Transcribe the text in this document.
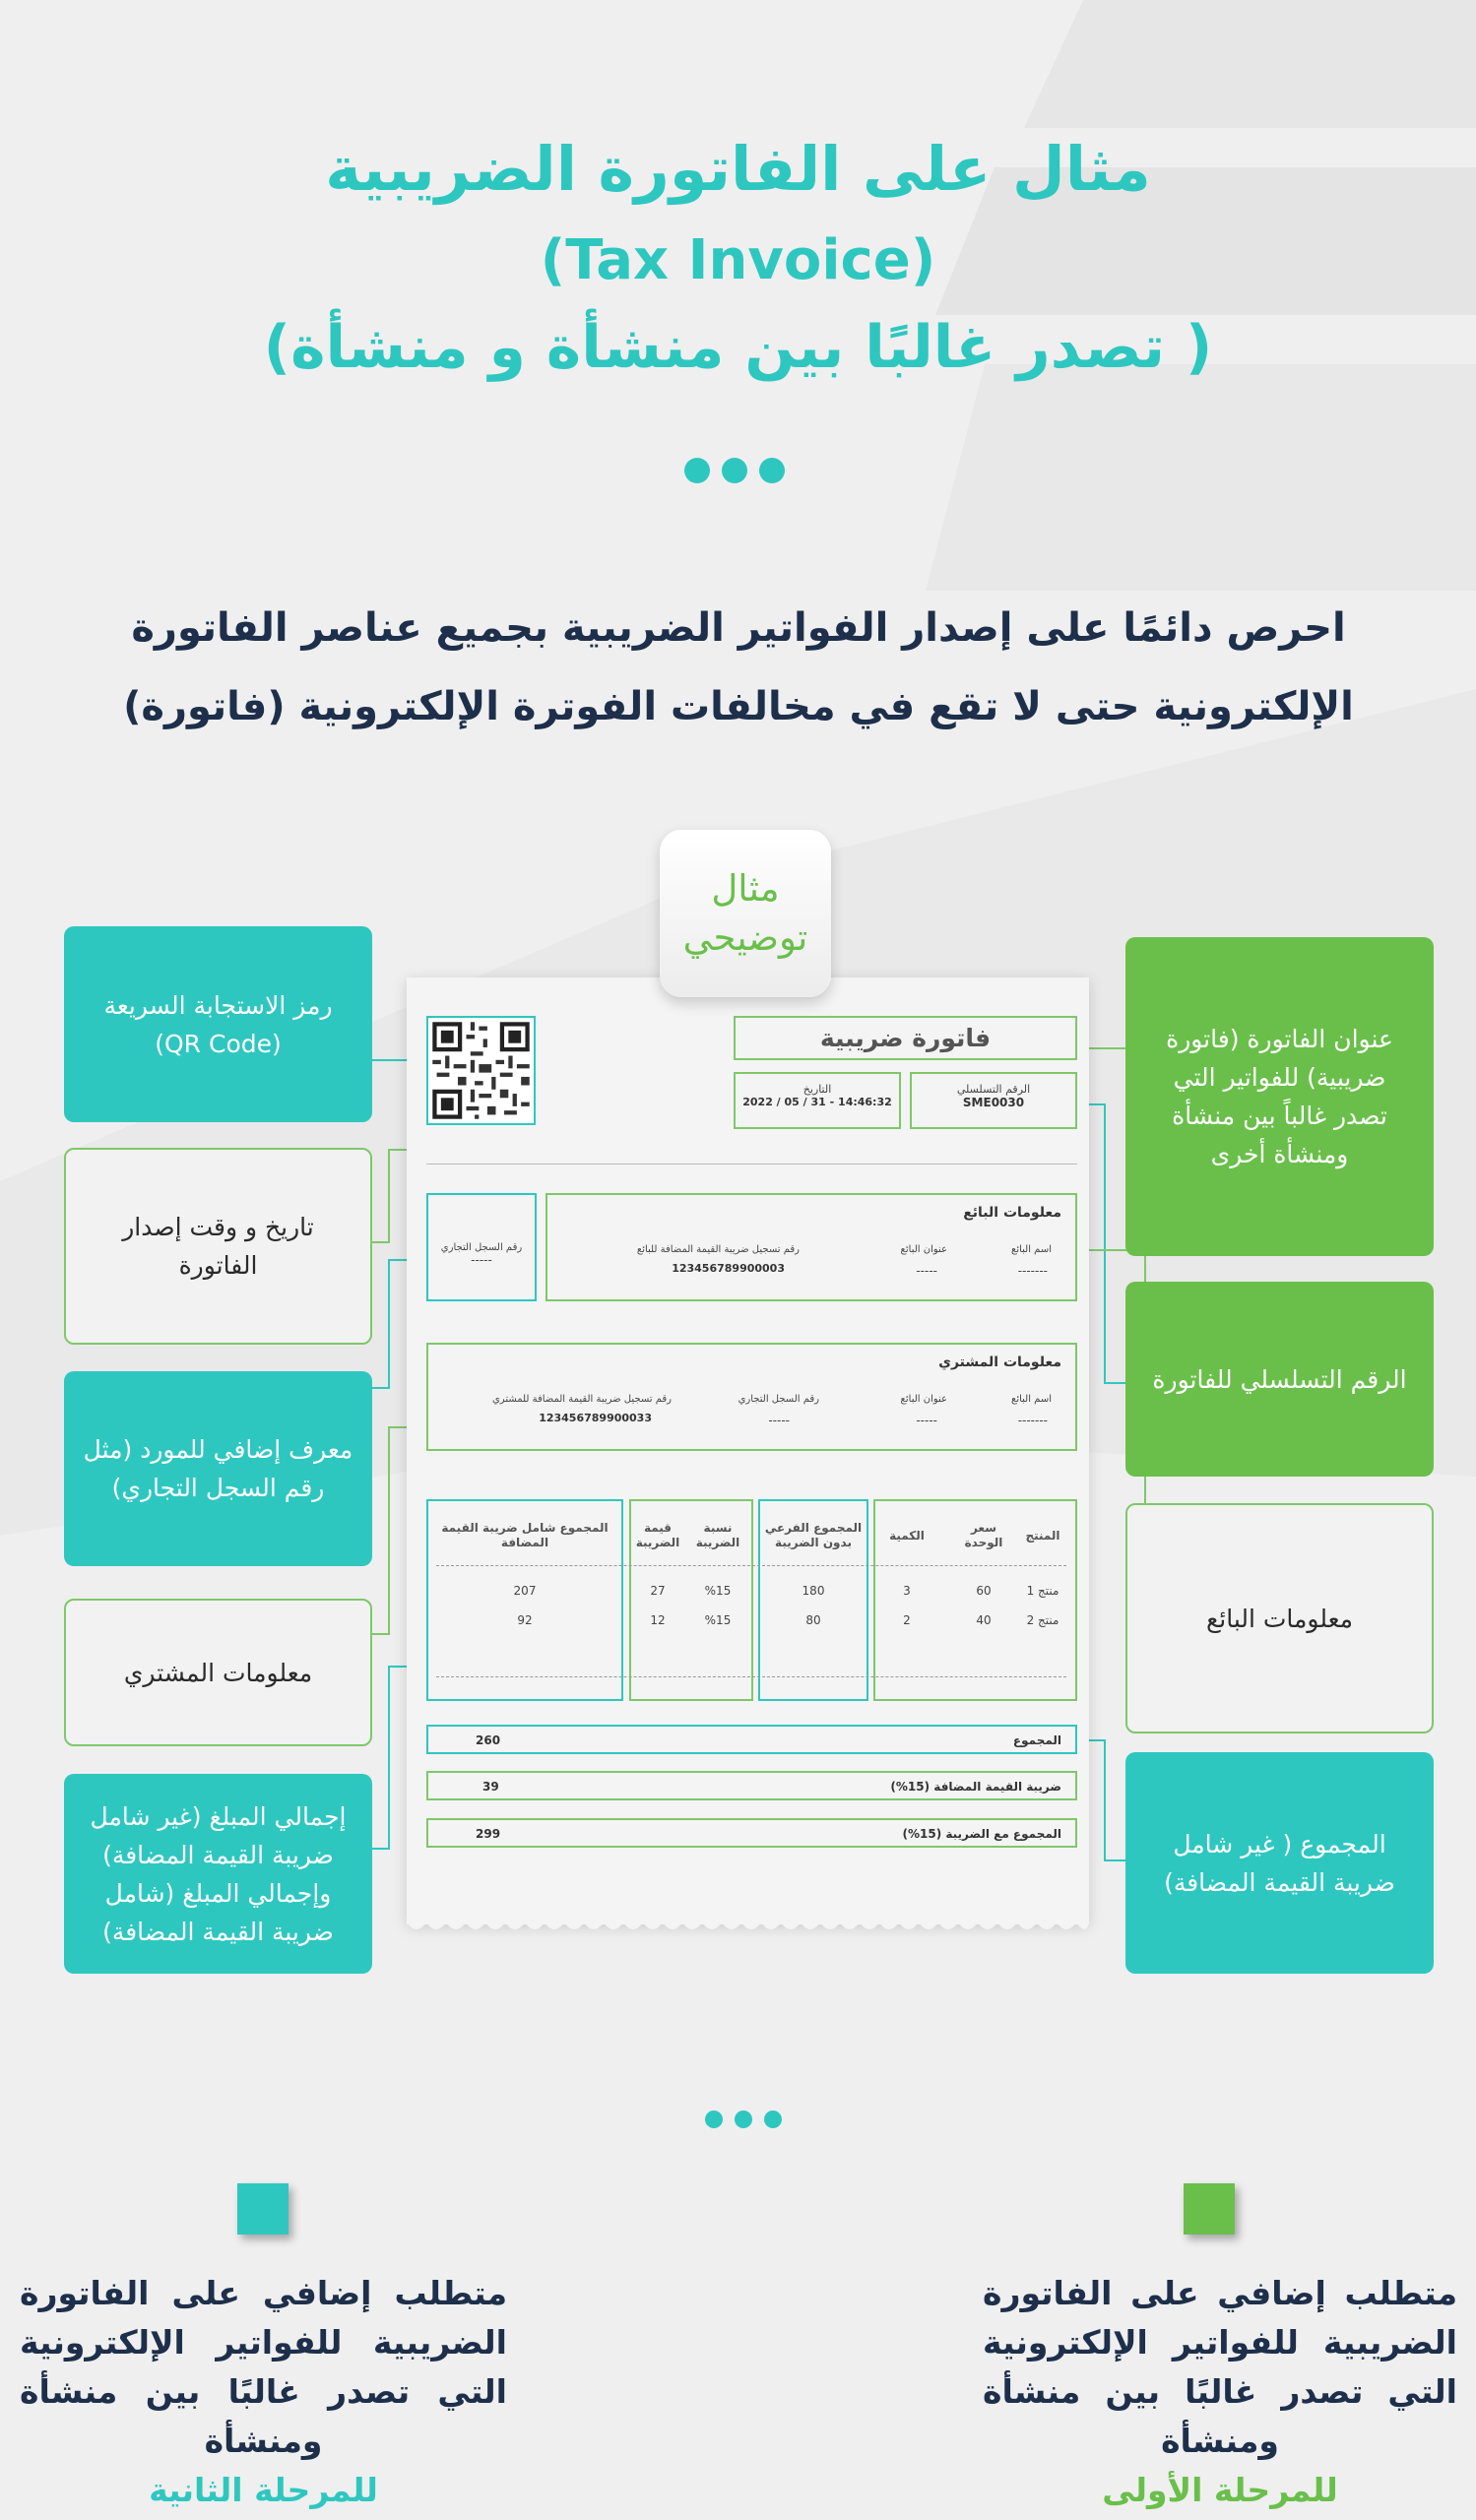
مثال على الفاتورة الضريبية
(Tax Invoice)
( تصدر غالبًا بين منشأة و منشأة)
احرص دائمًا على إصدار الفواتير الضريبية بجميع عناصر الفاتورة
الإلكترونية حتى لا تقع في مخالفات الفوترة الإلكترونية (فاتورة)
رمز الاستجابة السريعة (QR Code)
تاريخ و وقت إصدار الفاتورة
معرف إضافي للمورد (مثل رقم السجل التجاري)
معلومات المشتري
إجمالي المبلغ (غير شامل ضريبة القيمة المضافة) وإجمالي المبلغ (شامل ضريبة القيمة المضافة)
عنوان الفاتورة (فاتورة ضريبية) للفواتير التي تصدر غالباً بين منشأة ومنشأة أخرى
الرقم التسلسلي للفاتورة
معلومات البائع
المجموع ( غير شامل ضريبة القيمة المضافة)
مثال
توضيحي
فاتورة ضريبية
الرقم التسلسلي
SME0030
التاريخ
2022 / 05 / 31 - 14:46:32
رقم السجل التجاري
-----
معلومات البائع
اسم البائع
-------
عنوان البائع
-----
رقم تسجيل ضريبة القيمة المضافة للبائع
123456789900003
معلومات المشتري
اسم البائع
-------
عنوان البائع
-----
رقم السجل التجاري
-----
رقم تسجيل ضريبة القيمة المضافة للمشتري
123456789900033
المنتج
سعر الوحدة
الكمية
المجموع الفرعي بدون الضريبة
نسبة الضريبة
قيمة الضريبة
المجموع شامل ضريبة القيمة المضافة
منتج 1
60
3
180
%15
27
207
منتج 2
40
2
80
%15
12
92
المجموع
260
ضريبة القيمة المضافة (15%)
39
المجموع مع الضريبة (15%)
299
متطلب إضافي على الفاتورة الضريبية للفواتير الإلكترونية التي تصدر غالبًا بين منشأة ومنشأة
للمرحلة الثانية
متطلب إضافي على الفاتورة الضريبية للفواتير الإلكترونية التي تصدر غالبًا بين منشأة ومنشأة
للمرحلة الأولى
